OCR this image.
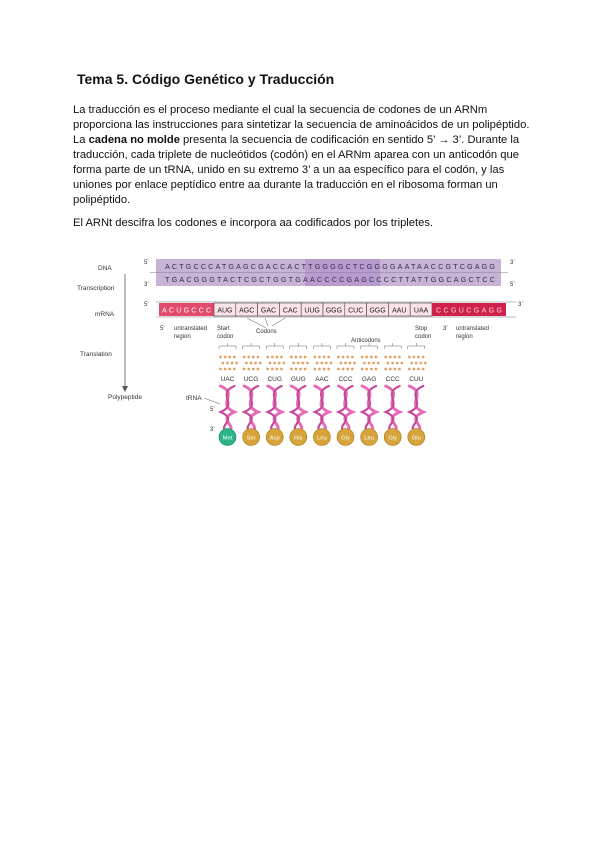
Tema 5. Código Genético y Traducción
La traducción es el proceso mediante el cual la secuencia de codones de un ARNm proporciona las instrucciones para sintetizar la secuencia de aminoácidos de un polipéptido. La cadena no molde presenta la secuencia de codificación en sentido 5’ → 3’. Durante la traducción, cada triplete de nucleótidos (codón) en el ARNm aparea con un anticodón que forma parte de un tRNA, unido en su extremo 3’ a un aa específico para el codón, y las uniones por enlace peptídico entre aa durante la traducción en el ribosoma forman un polipéptido.
El ARNt descifra los codones e incorpora aa codificados por los tripletes.
DNA
Transcription
mRNA
Translation
Polypeptide	tRNA
5’	3’
3’	5’
ACTGCCCATGAGCGACCACTTGGGGCTCGGGGAATAACCGTCGAGG
TGACGGGTACTCGCTGGTGAACCCCGAGCCCCTTATTGGCAGCTCC
5’	3’
ACUGCCC AUG AGC GAC CAC UUG GGG CUC GGG AAU UAA CCGUCGAGG
5’ untranslated
region
Start
codon
Codons	Stop
codon
3’ untranslated
region
Anticodons
UAC
Met
UCG
Ser
CUG
Asp
GUG
His
AAC
Leu
CCC
Gly
GAG
Leu
CCC
Gly
CUU
Glu
5’
3’
